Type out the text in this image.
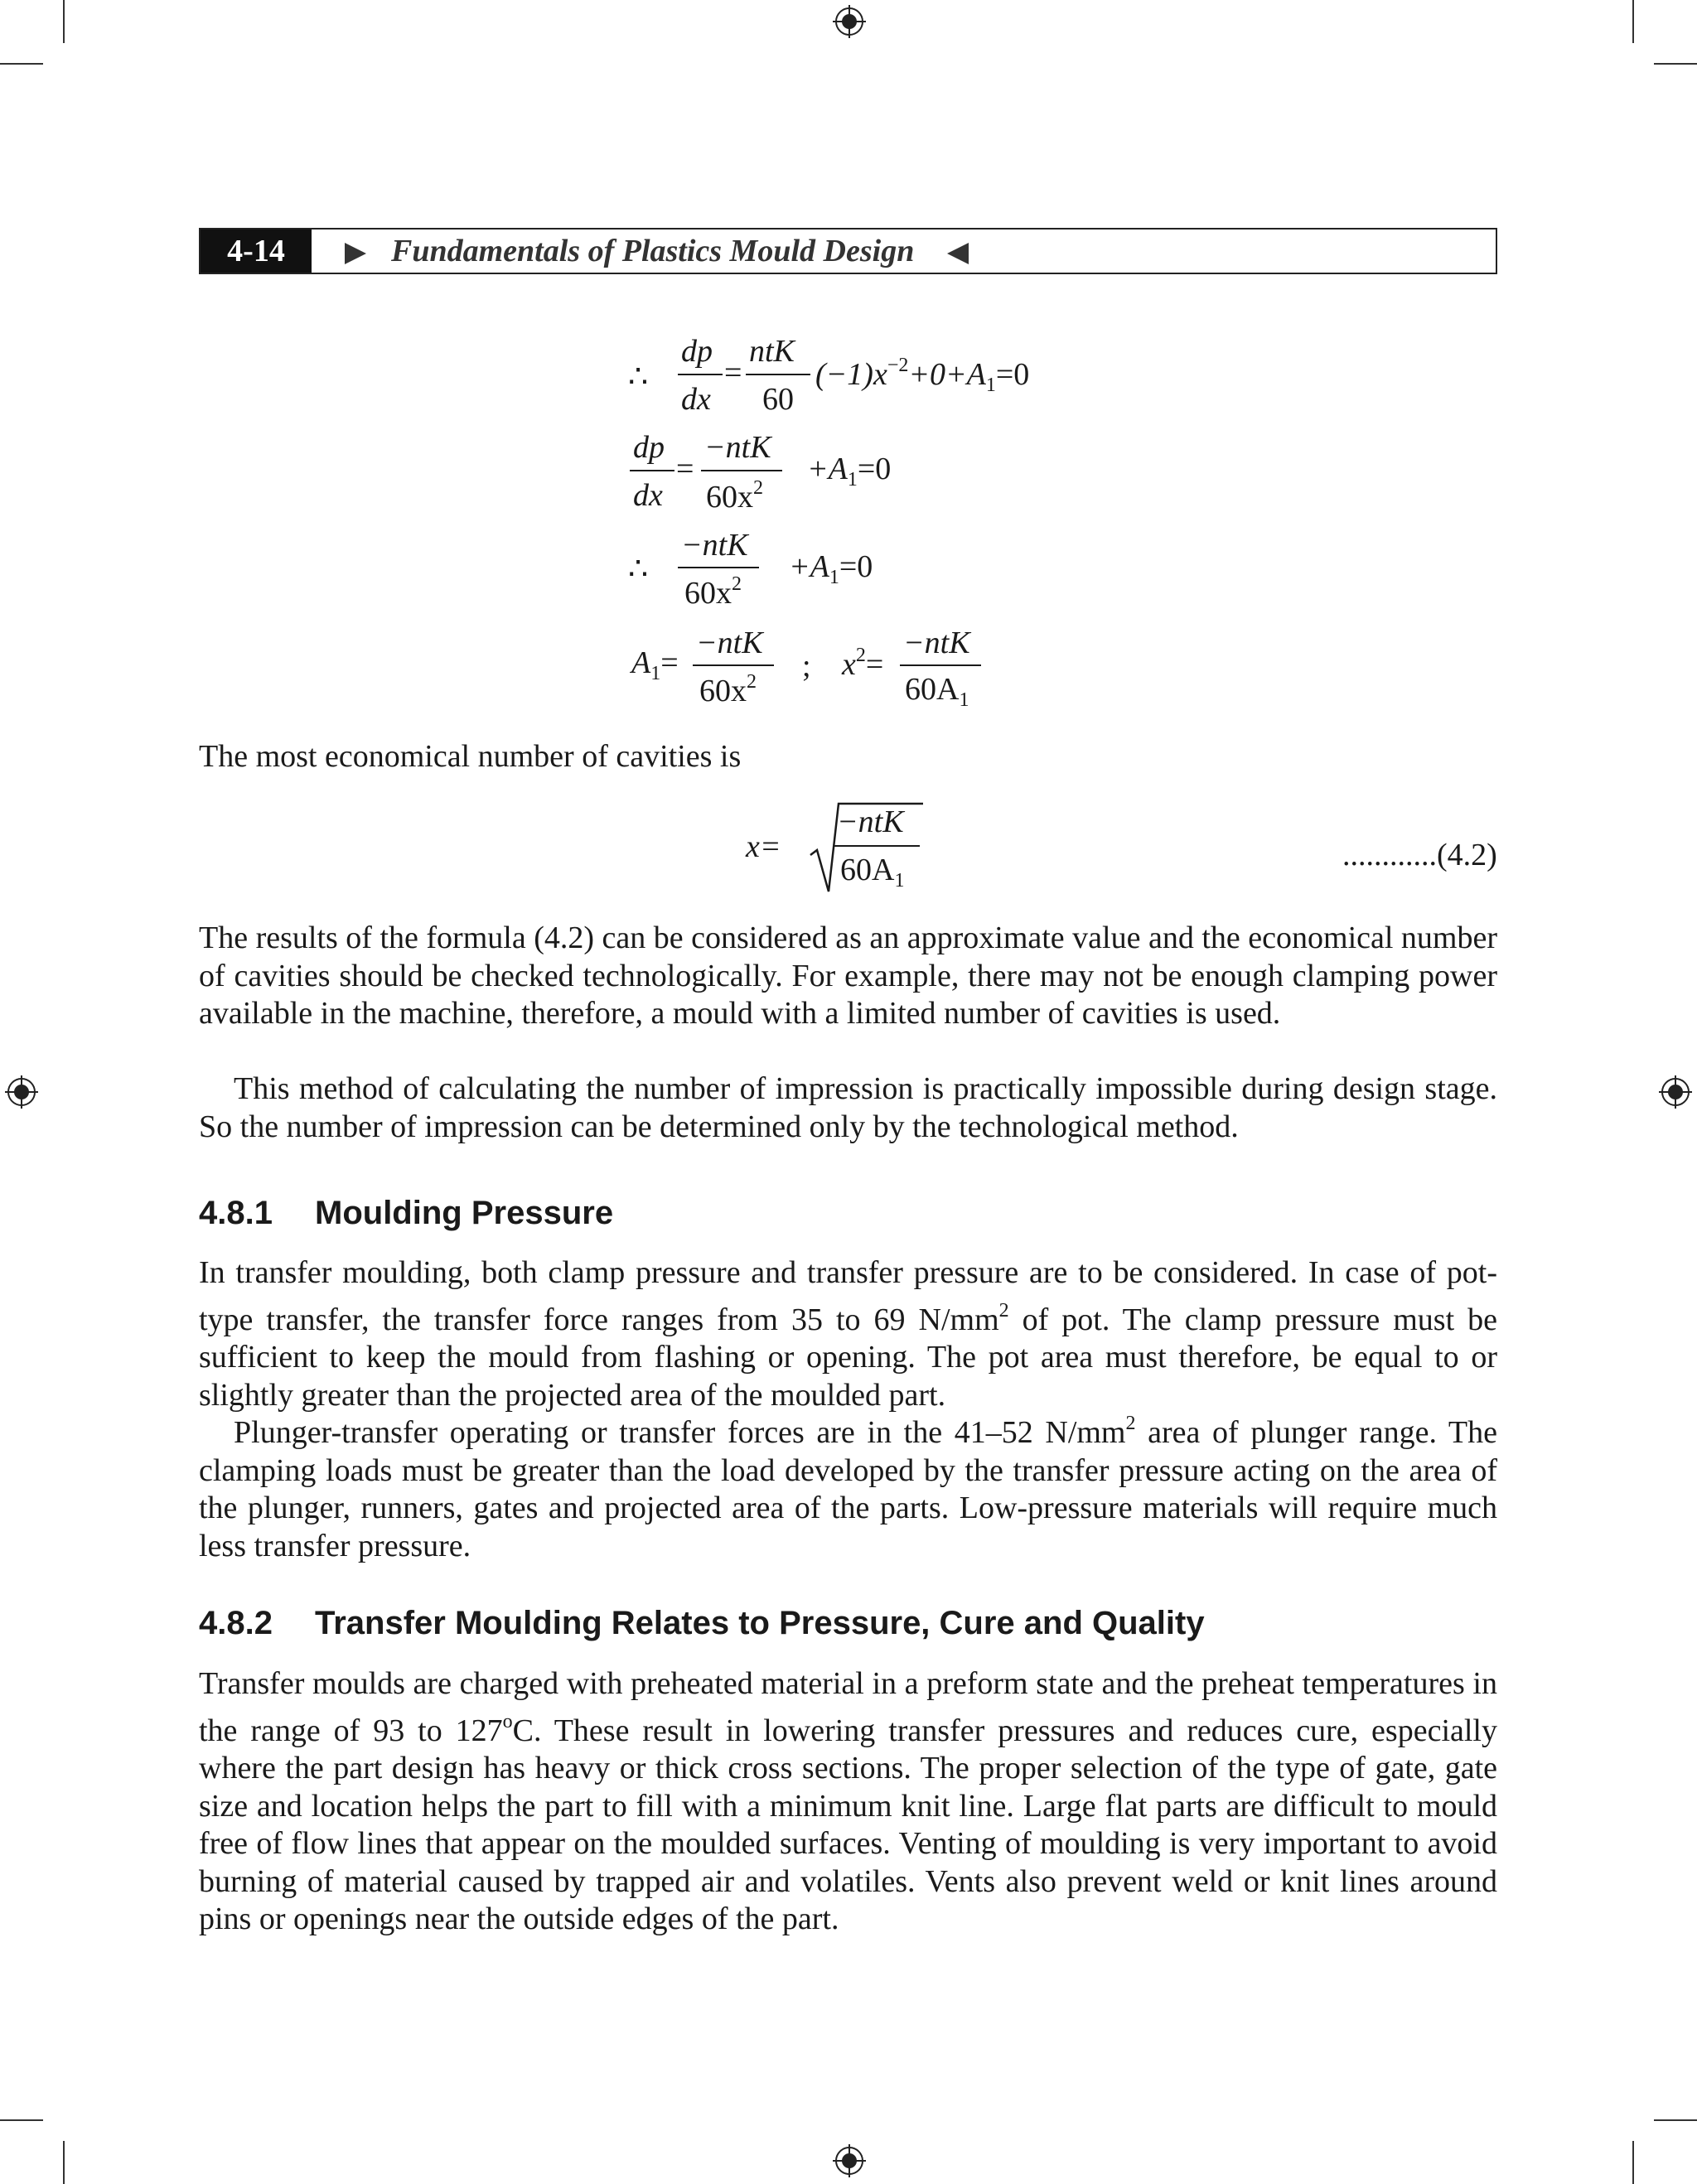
4-14	Fundamentals of Plastics Mould Design
∴
dp
dx
=
ntK
60
$(-1)x^{-2}+0+A_1=0$
dp
dx
=
−ntK
$60x^2$
$+A_1=0$
∴
−ntK
$60x^2 +A_1=0$
$A_1=$
−ntK
$60x^2$ ; $x^2=$
−ntK
$60A_1$
The most economical number of cavities is
x=
−ntK
$60A_1$
............(4.2)
The results of the formula (4.2) can be considered as an approximate value and the economical number of cavities should be checked technologically. For example, there may not be enough clamping power available in the machine, therefore, a mould with a limited number of cavities is used.
This method of calculating the number of impression is practically impossible during design stage. So the number of impression can be determined only by the technological method.
4.8.1 Moulding Pressure
In transfer moulding, both clamp pressure and transfer pressure are to be considered. In case of pot-type transfer, the transfer force ranges from 35 to 69 $N/mm^2$ of pot. The clamp pressure must be sufficient to keep the mould from flashing or opening. The pot area must therefore, be equal to or slightly greater than the projected area of the moulded part.
Plunger-transfer operating or transfer forces are in the 41–52 $N/mm^2$ area of plunger range. The clamping loads must be greater than the load developed by the transfer pressure acting on the area of the plunger, runners, gates and projected area of the parts. Low-pressure materials will require much less transfer pressure.
4.8.2 Transfer Moulding Relates to Pressure, Cure and Quality
Transfer moulds are charged with preheated material in a preform state and the preheat temperatures in the range of 93 to 127$^o$C. These result in lowering transfer pressures and reduces cure, especially where the part design has heavy or thick cross sections. The proper selection of the type of gate, gate size and location helps the part to fill with a minimum knit line. Large flat parts are difficult to mould free of flow lines that appear on the moulded surfaces. Venting of moulding is very important to avoid burning of material caused by trapped air and volatiles. Vents also prevent weld or knit lines around pins or openings near the outside edges of the part.
